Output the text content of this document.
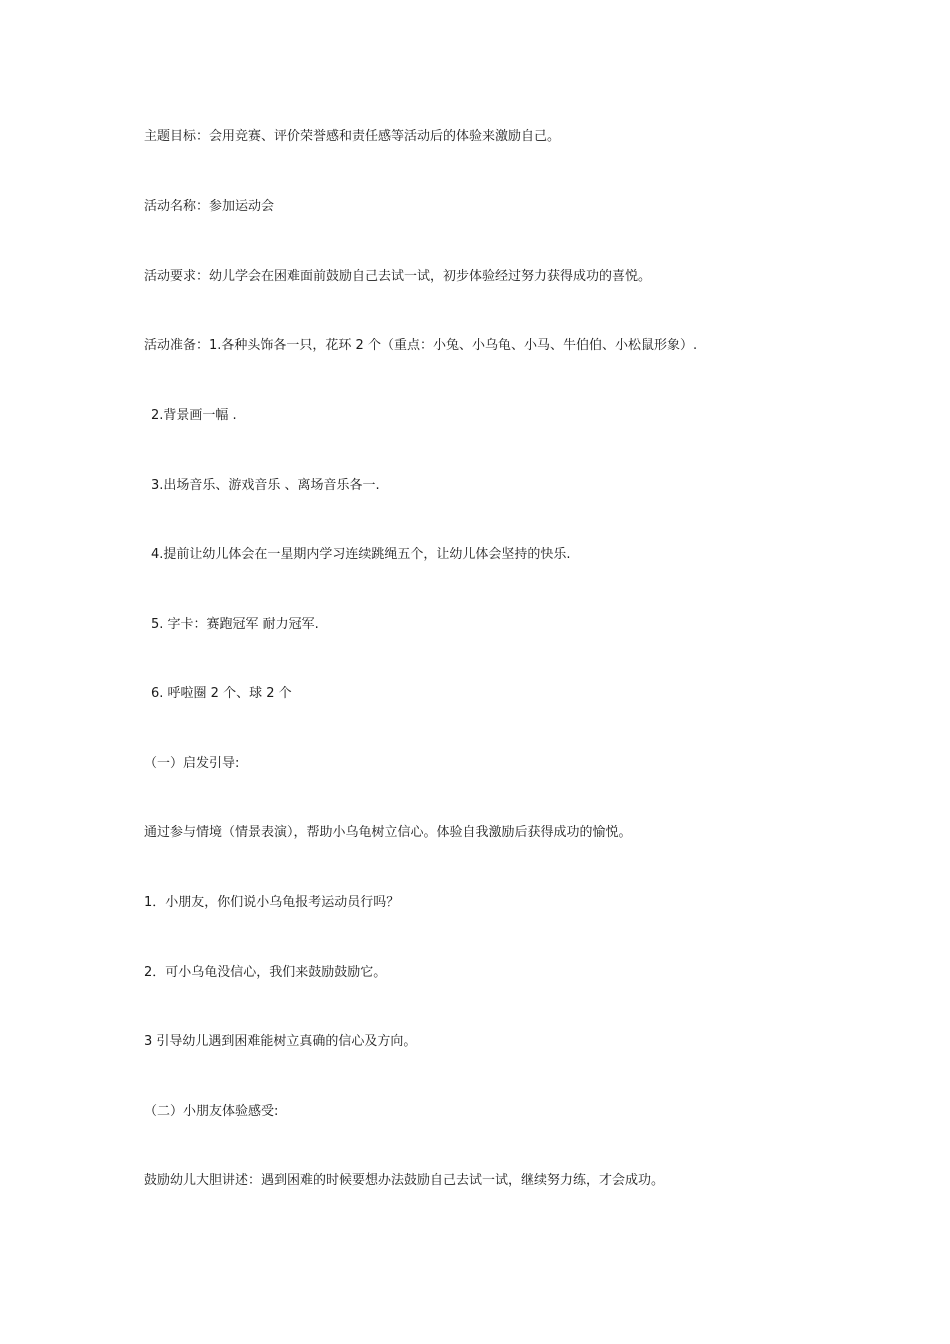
主题目标：会用竞赛、评价荣誉感和责任感等活动后的体验来激励自己。
活动名称：参加运动会
活动要求：幼儿学会在困难面前鼓励自己去试一试，初步体验经过努力获得成功的喜悦。
活动准备：1.各种头饰各一只，花环 2 个（重点：小兔、小乌龟、小马、牛伯伯、小松鼠形象）.
2.背景画一幅 .
3.出场音乐、游戏音乐 、离场音乐各一.
4.提前让幼儿体会在一星期内学习连续跳绳五个，让幼儿体会坚持的快乐.
5. 字卡：赛跑冠军 耐力冠军.
6. 呼啦圈 2 个、球 2 个
（一）启发引导:
通过参与情境（情景表演），帮助小乌龟树立信心。体验自我激励后获得成功的愉悦。
1．小朋友，你们说小乌龟报考运动员行吗？
2．可小乌龟没信心，我们来鼓励鼓励它。
3 引导幼儿遇到困难能树立真确的信心及方向。
（二）小朋友体验感受:
鼓励幼儿大胆讲述：遇到困难的时候要想办法鼓励自己去试一试，继续努力练，才会成功。
